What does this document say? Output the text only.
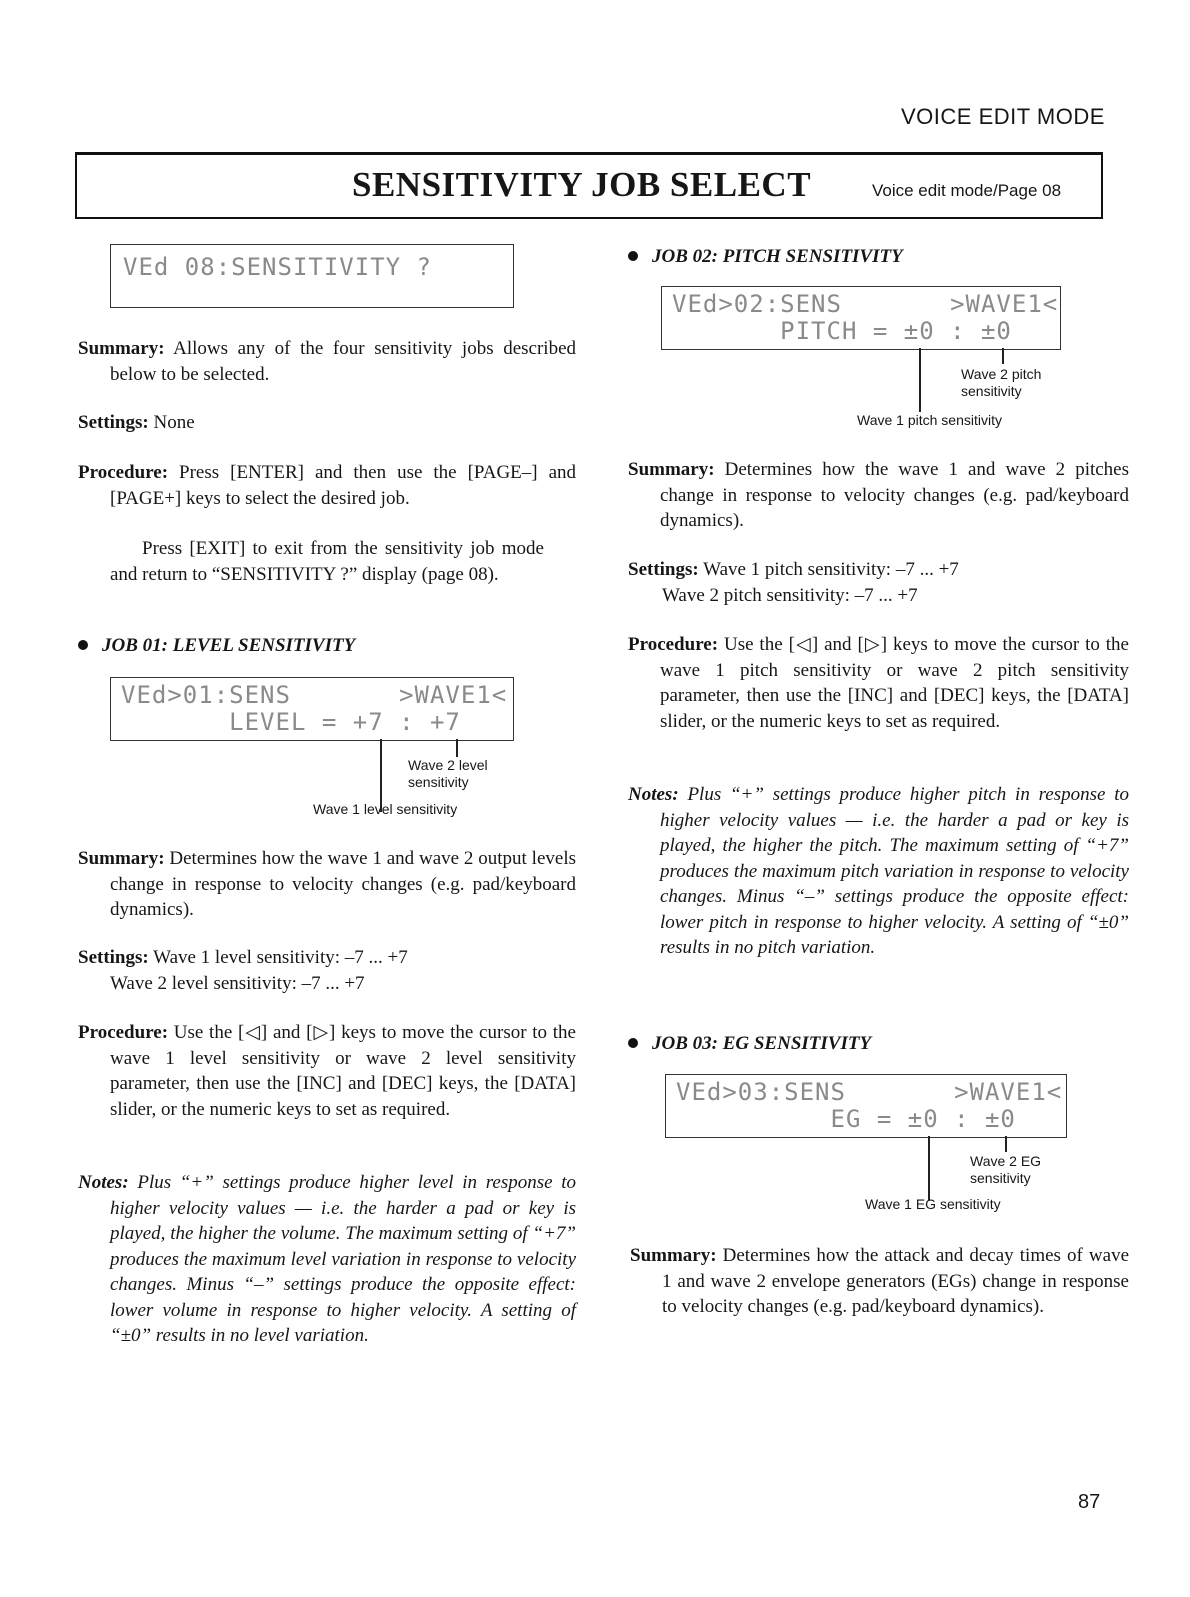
VOICE EDIT MODE
SENSITIVITY JOB SELECT	Voice edit mode/Page 08
VEd 08:SENSITIVITY ?
Summary: Allows any of the four sensitivity jobs described below to be selected.
Settings: None
Procedure: Press [ENTER] and then use the [PAGE–] and [PAGE+] keys to select the desired job.
Press [EXIT] to exit from the sensitivity job mode and return to “SENSITIVITY ?” display (page 08).
JOB 01: LEVEL SENSITIVITY
VEd>01:SENS       >WAVE1<
LEVEL = +7 : +7
Wave 2 level
sensitivity
Wave 1 level sensitivity
Summary: Determines how the wave 1 and wave 2 output levels change in response to velocity changes (e.g. pad/keyboard dynamics).
Settings: Wave 1 level sensitivity: –7 ... +7
Wave 2 level sensitivity: –7 ... +7
Procedure: Use the [◁] and [▷] keys to move the cursor to the wave 1 level sensitivity or wave 2 level sensitivity parameter, then use the [INC] and [DEC] keys, the [DATA] slider, or the numeric keys to set as required.
Notes: Plus “+” settings produce higher level in response to higher velocity values — i.e. the harder a pad or key is played, the higher the volume. The maximum setting of “+7” produces the maximum level variation in response to velocity changes. Minus “–” settings produce the opposite effect: lower volume in response to higher velocity. A setting of “±0” results in no level variation.
JOB 02: PITCH SENSITIVITY
VEd>02:SENS       >WAVE1<
PITCH = ±0 : ±0
Wave 2 pitch
sensitivity
Wave 1 pitch sensitivity
Summary: Determines how the wave 1 and wave 2 pitches change in response to velocity changes (e.g. pad/keyboard dynamics).
Settings: Wave 1 pitch sensitivity: –7 ... +7
Wave 2 pitch sensitivity: –7 ... +7
Procedure: Use the [◁] and [▷] keys to move the cursor to the wave 1 pitch sensitivity or wave 2 pitch sensitivity parameter, then use the [INC] and [DEC] keys, the [DATA] slider, or the numeric keys to set as required.
Notes: Plus “+” settings produce higher pitch in response to higher velocity values — i.e. the harder a pad or key is played, the higher the pitch. The maximum setting of “+7” produces the maximum pitch variation in response to velocity changes. Minus “–” settings produce the opposite effect: lower pitch in response to higher velocity. A setting of “±0” results in no pitch variation.
JOB 03: EG SENSITIVITY
VEd>03:SENS       >WAVE1<
EG = ±0 : ±0
Wave 2 EG
sensitivity
Wave 1 EG sensitivity
Summary: Determines how the attack and decay times of wave 1 and wave 2 envelope generators (EGs) change in response to velocity changes (e.g. pad/keyboard dynamics).
87
